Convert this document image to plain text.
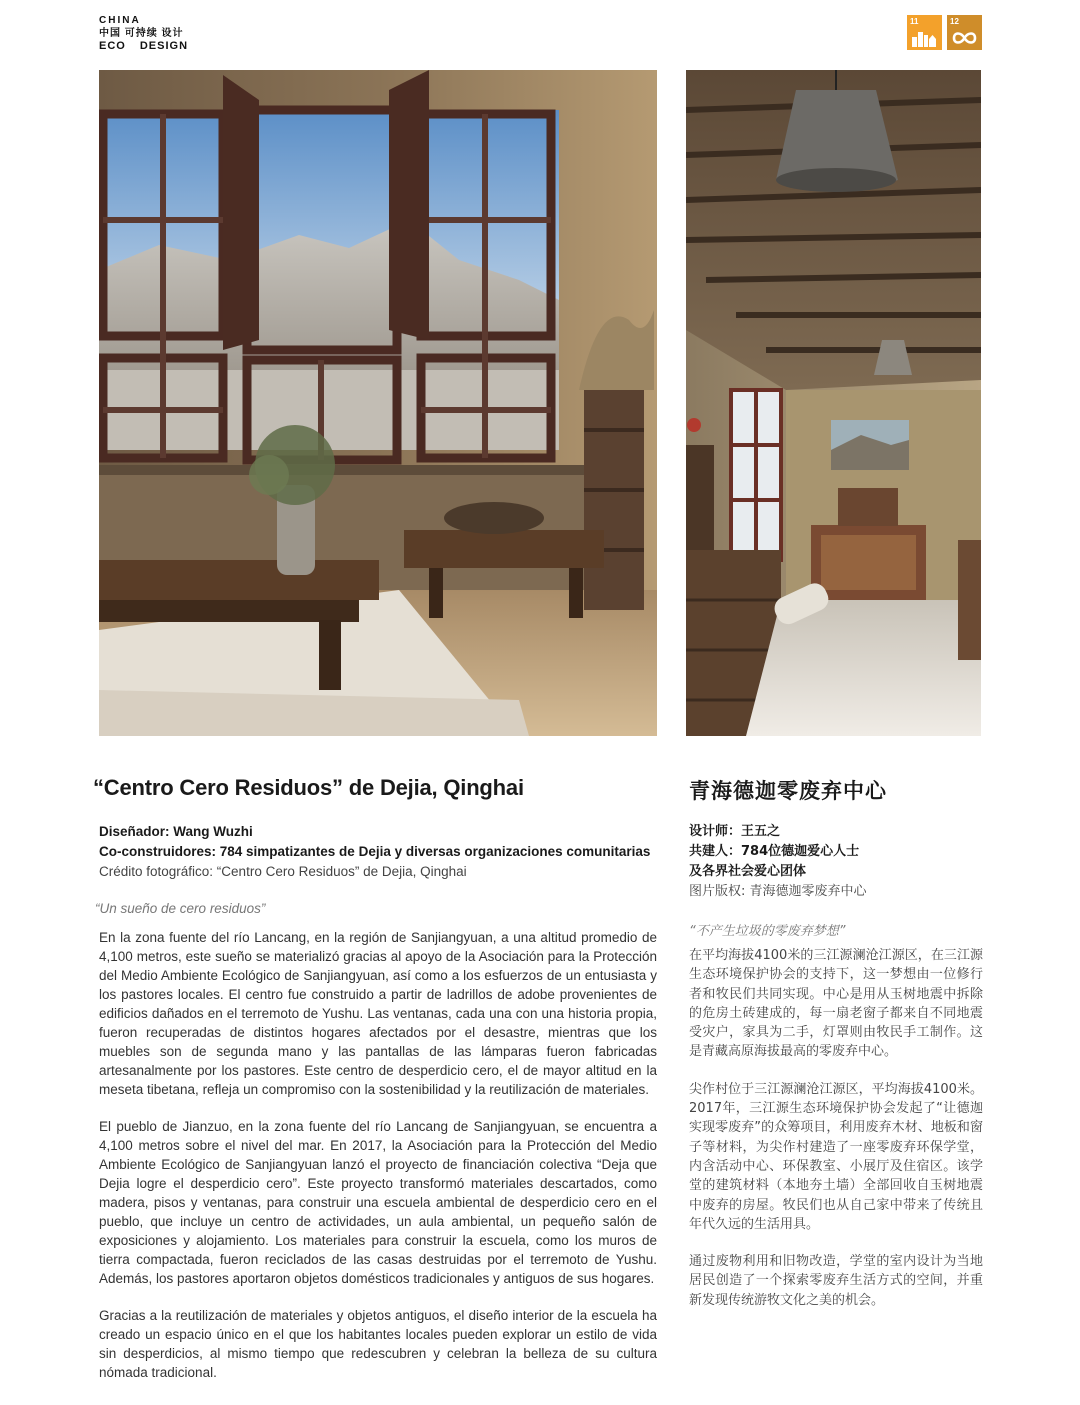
CHINA
中国 可持续 设计
ECO DESIGN
11	12
“Centro Cero Residuos” de Dejia, Qinghai
Diseñador: Wang Wuzhi
Co-construidores: 784 simpatizantes de Dejia y diversas organizaciones comunitarias
Crédito fotográfico: “Centro Cero Residuos” de Dejia, Qinghai
“Un sueño de cero residuos”

En la zona fuente del río Lancang, en la región de Sanjiangyuan, a una altitud promedio de 4,100 metros, este sueño se materializó gracias al apoyo de la Asociación para la Protección del Medio Ambiente Ecológico de Sanjiangyuan, así como a los esfuerzos de un entusiasta y los pastores locales. El centro fue construido a partir de ladrillos de adobe provenientes de edificios dañados en el terremoto de Yushu. Las ventanas, cada una con una historia propia, fueron recuperadas de distintos hogares afectados por el desastre, mientras que los muebles son de segunda mano y las pantallas de las lámparas fueron fabricadas artesanalmente por los pastores. Este centro de desperdicio cero, el de mayor altitud en la meseta tibetana, refleja un compromiso con la sostenibilidad y la reutilización de materiales.

El pueblo de Jianzuo, en la zona fuente del río Lancang de Sanjiangyuan, se encuentra a 4,100 metros sobre el nivel del mar. En 2017, la Asociación para la Protección del Medio Ambiente Ecológico de Sanjiangyuan lanzó el proyecto de financiación colectiva “Deja que Dejia logre el desperdicio cero”. Este proyecto transformó materiales descartados, como madera, pisos y ventanas, para construir una escuela ambiental de desperdicio cero en el pueblo, que incluye un centro de actividades, un aula ambiental, un pequeño salón de exposiciones y alojamiento. Los materiales para construir la escuela, como los muros de tierra compactada, fueron reciclados de las casas destruidas por el terremoto de Yushu. Además, los pastores aportaron objetos domésticos tradicionales y antiguos de sus hogares.

Gracias a la reutilización de materiales y objetos antiguos, el diseño interior de la escuela ha creado un espacio único en el que los habitantes locales pueden explorar un estilo de vida sin desperdicios, al mismo tiempo que redescubren y celebran la belleza de su cultura nómada tradicional.

青海德迦零废弃中心
设计师：王五之
共建人：784位德迦爱心人士
及各界社会爱心团体
图片版权: 青海德迦零废弃中心
“不产生垃圾的零废弃梦想”

在平均海拔4100米的三江源澜沧江源区，在三江源生态环境保护协会的支持下，这一梦想由一位修行者和牧民们共同实现。中心是用从玉树地震中拆除的危房土砖建成的，每一扇老窗子都来自不同地震受灾户，家具为二手，灯罩则由牧民手工制作。这是青藏高原海拔最高的零废弃中心。

尖作村位于三江源澜沧江源区，平均海拔4100米。2017年，三江源生态环境保护协会发起了“让德迦实现零废弃”的众筹项目，利用废弃木材、地板和窗子等材料，为尖作村建造了一座零废弃环保学堂，内含活动中心、环保教室、小展厅及住宿区。该学堂的建筑材料（本地夯土墙）全部回收自玉树地震中废弃的房屋。牧民们也从自己家中带来了传统且年代久远的生活用具。

通过废物利用和旧物改造，学堂的室内设计为当地居民创造了一个探索零废弃生活方式的空间，并重新发现传统游牧文化之美的机会。
